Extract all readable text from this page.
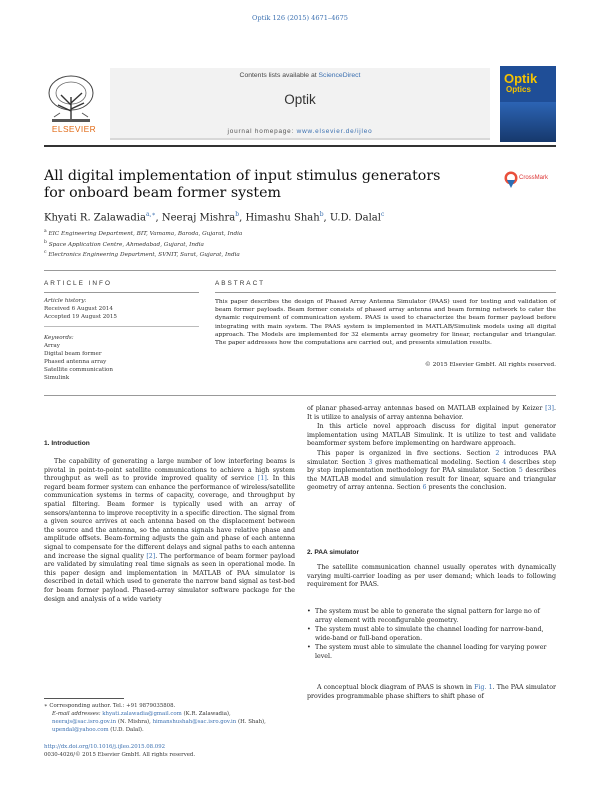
Optik 126 (2015) 4671–4675
ELSEVIER
Contents lists available at ScienceDirect
Optik
journal homepage: www.elsevier.de/ijleo
Optik
Optics
All digital implementation of input stimulus generators for onboard beam former system
CrossMark
Khyati R. Zalawadia$^{a,∗}$, Neeraj Mishra$^b$, Himashu Shah$^b$, U.D. Dalal$^c$
$^a$ EIC Engineering Department, BIT, Vamama, Baroda, Gujarat, India
$^b$ Space Application Centre, Ahmedabad, Gujarat, India
$^c$ Electronics Engineering Department, SVNIT, Surat, Gujarat, India
ARTICLE INFO	ABSTRACT
Article history:
Received 6 August 2014
Accepted 19 August 2015
Keywords:
Array
Digital beam former
Phased antenna array
Satellite communication
Simulink
This paper describes the design of Phased Array Antenna Simulator (PAAS) used for testing and validation of beam former payloads. Beam former consists of phased array antenna and beam forming network to cater the dynamic requirement of communication system. PAAS is used to characterize the beam former payload before integrating with main system. The PAAS system is implemented in MATLAB/Simulink models using all digital approach. The Models are implemented for 32 elements array geometry for linear, rectangular and triangular. The paper addresses how the computations are carried out, and presents simulation results.
© 2015 Elsevier GmbH. All rights reserved.
1. Introduction

The capability of generating a large number of low interfering beams is pivotal in point-to-point satellite communications to achieve a high system throughput as well as to provide improved quality of service [1]. In this regard beam former system can enhance the performance of wireless/satellite communication systems in terms of capacity, coverage, and throughput by spatial filtering. Beam former is typically used with an array of sensors/antenna to improve receptivity in a specific direction. The signal from a given source arrives at each antenna based on the displacement between the source and the antenna, so the antenna signals have relative phase and amplitude offsets. Beam-forming adjusts the gain and phase of each antenna signal to compensate for the different delays and signal paths to each antenna and increase the signal quality [2]. The performance of beam former payload are validated by simulating real time signals as seen in operational mode. In this paper design and implementation in MATLAB of PAA simulator is described in detail which used to generate the narrow band signal as test-bed for beam former payload. Phased-array simulator software package for the design and analysis of a wide variety

of planar phased-array antennas based on MATLAB explained by Keizer [3]. It is utilize to analysis of array antenna behavior.

In this article novel approach discuss for digital input generator implementation using MATLAB Simulink. It is utilize to test and validate beamformer system before implementing on hardware approach.

This paper is organized in five sections. Section 2 introduces PAA simulator. Section 3 gives mathematical modeling. Section 4 describes step by step implementation methodology for PAA simulator. Section 5 describes the MATLAB model and simulation result for linear, square and triangular geometry of array antenna. Section 6 presents the conclusion.

2. PAA simulator

The satellite communication channel usually operates with dynamically varying multi-carrier loading as per user demand; which leads to following requirement for PAAS.

• The system must be able to generate the signal pattern for large no of array element with reconfigurable geometry.
• The system must able to simulate the channel loading for narrow-band, wide-band or full-band operation.
• The system must able to simulate the channel loading for varying power level.

A conceptual block diagram of PAAS is shown in Fig. 1. The PAA simulator provides programmable phase shifters to shift phase of

∗ Corresponding author. Tel.: +91 9879035808.
E-mail addresses: khyati.zalawadia@gmail.com (K.R. Zalawadia), neerajs@sac.isro.gov.in (N. Mishra), himanshushah@sac.isro.gov.in (H. Shah), upendal@yahoo.com (U.D. Dalal).
http://dx.doi.org/10.1016/j.ijleo.2015.08.092
0030-4026/© 2015 Elsevier GmbH. All rights reserved.
